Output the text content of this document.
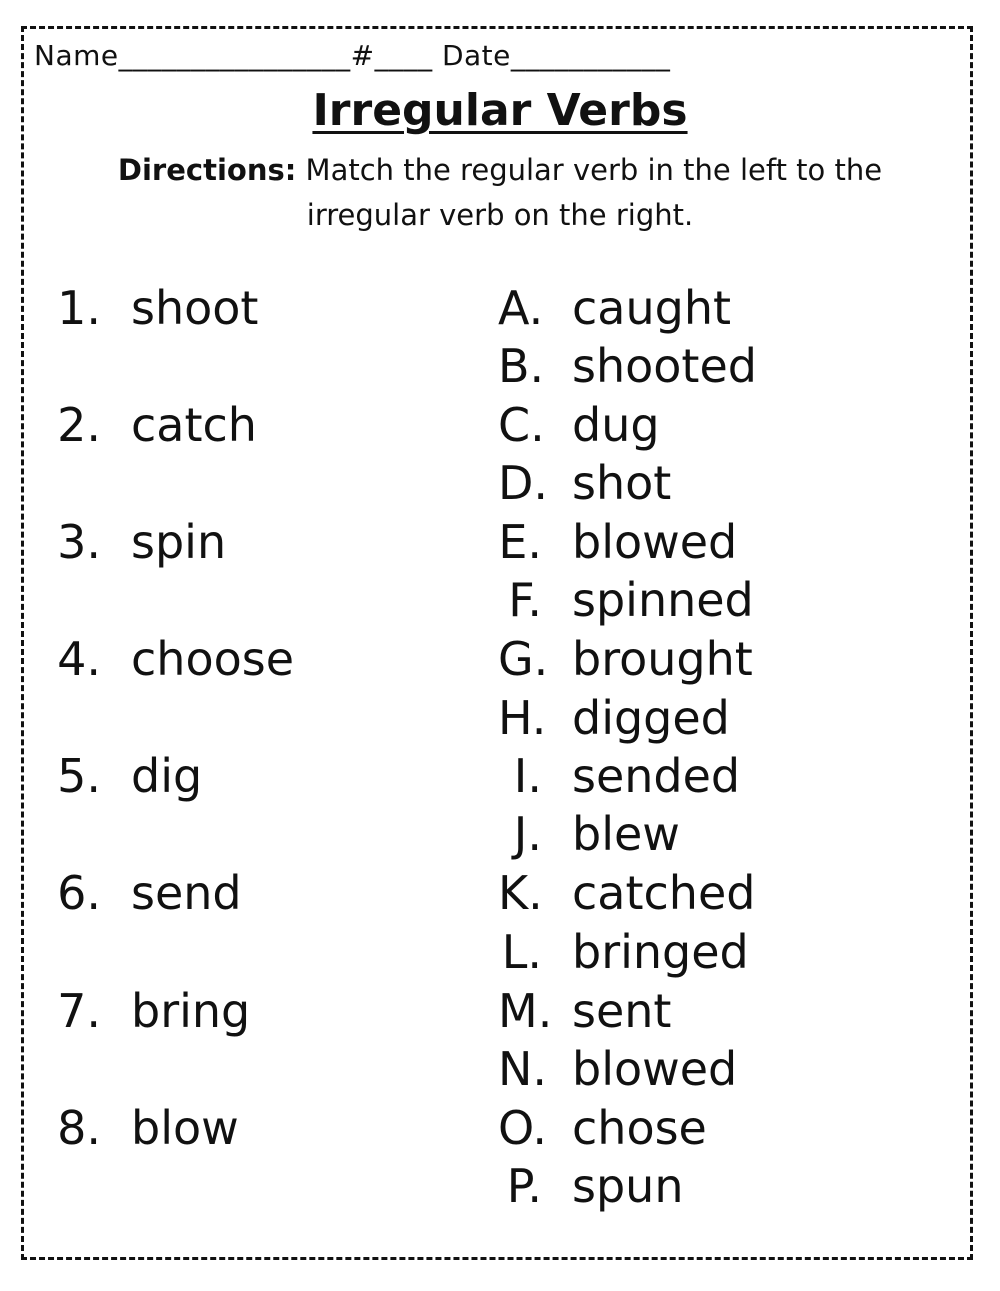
Name________________#____ Date___________
Irregular Verbs
Directions: Match the regular verb in the left to the irregular verb on the right.
1. shoot
2. catch
3. spin
4. choose
5. dig
6. send
7. bring
8. blow
A. caught
B. shooted
C. dug
D. shot
E. blowed
F. spinned
G. brought
H. digged
I. sended
J. blew
K. catched
L. bringed
M. sent
N. blowed
O. chose
P. spun
